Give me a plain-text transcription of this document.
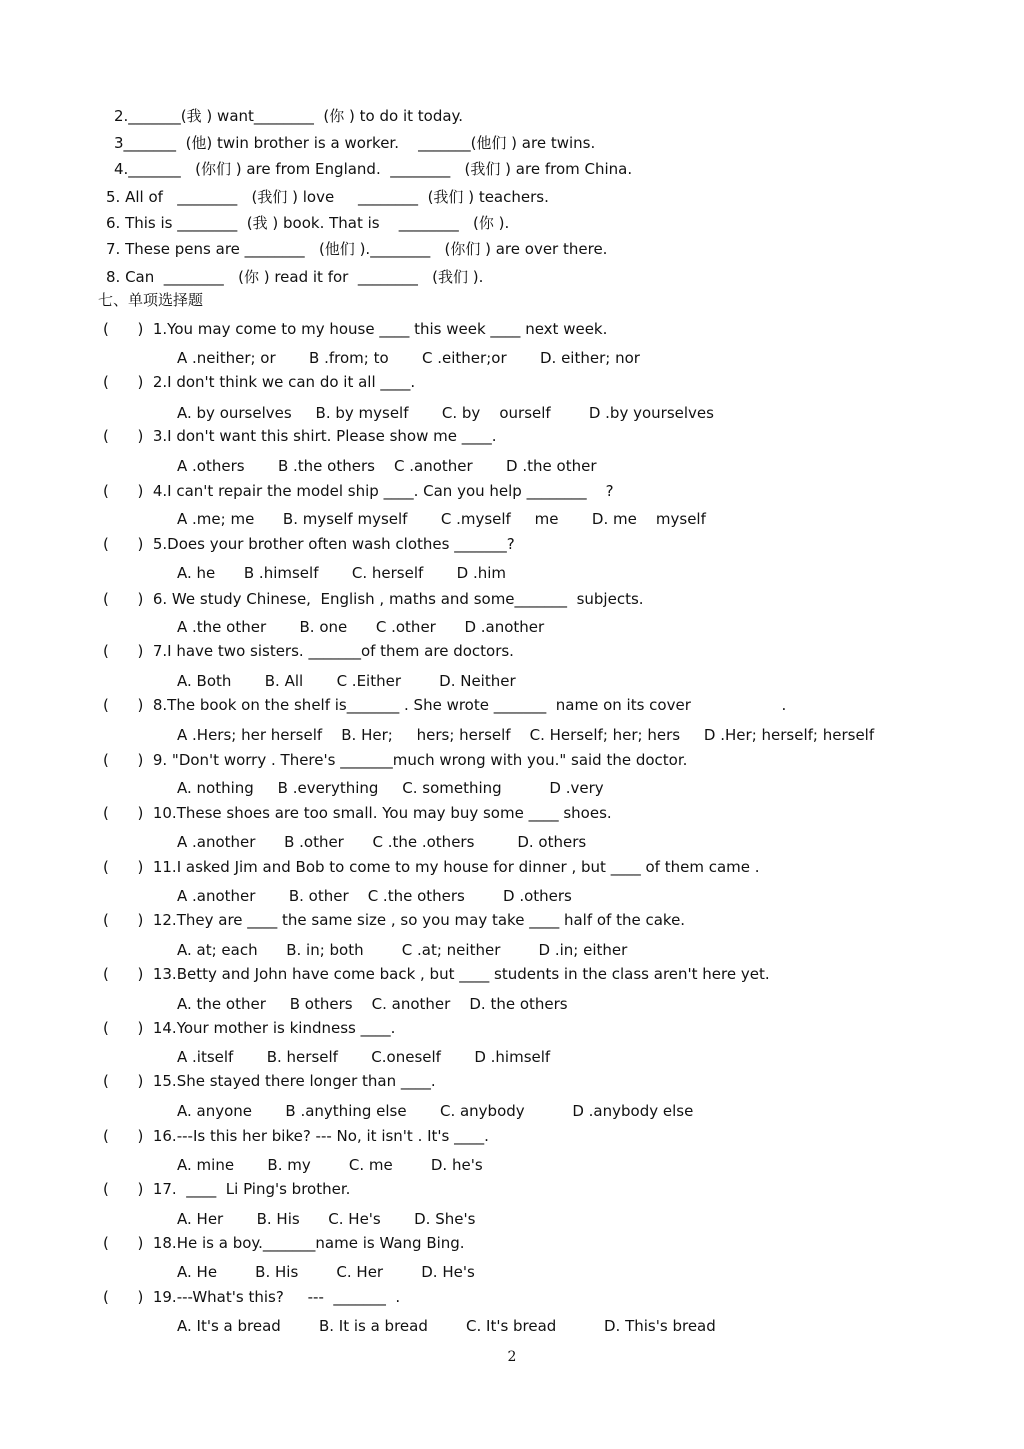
2._______(我 ) want________  (你 ) to do it today.
3_______  (他) twin brother is a worker.    _______(他们 ) are twins.
4._______   (你们 ) are from England.  ________   (我们 ) are from China.
5. All of   ________   (我们 ) love     ________  (我们 ) teachers.
6. This is ________  (我 ) book. That is    ________   (你 ).
7. These pens are ________   (他们 ).________   (你们 ) are over there.
8. Can  ________   (你 ) read it for  ________   (我们 ).
(      )  1.You may come to my house ____ this week ____ next week.
A .neither; or       B .from; to       C .either;or       D. either; nor
(      )  2.I don't think we can do it all ____.
A. by ourselves     B. by myself       C. by    ourself        D .by yourselves
(      )  3.I don't want this shirt. Please show me ____.
A .others       B .the others    C .another       D .the other
(      )  4.I can't repair the model ship ____. Can you help ________    ?
A .me; me      B. myself myself       C .myself     me       D. me    myself
(      )  5.Does your brother often wash clothes _______?
A. he      B .himself       C. herself       D .him
(      )  6. We study Chinese,  English , maths and some_______  subjects.
A .the other       B. one      C .other      D .another
(      )  7.I have two sisters. _______of them are doctors.
A. Both       B. All       C .Either        D. Neither
(      )  8.The book on the shelf is_______ . She wrote _______  name on its cover                   .
A .Hers; her herself    B. Her;     hers; herself    C. Herself; her; hers     D .Her; herself; herself
(      )  9. "Don't worry . There's _______much wrong with you." said the doctor.
A. nothing     B .everything     C. something          D .very
(      )  10.These shoes are too small. You may buy some ____ shoes.
A .another      B .other      C .the .others         D. others
(      )  11.I asked Jim and Bob to come to my house for dinner , but ____ of them came .
A .another       B. other    C .the others        D .others
(      )  12.They are ____ the same size , so you may take ____ half of the cake.
A. at; each      B. in; both        C .at; neither        D .in; either
(      )  13.Betty and John have come back , but ____ students in the class aren't here yet.
A. the other     B others    C. another    D. the others
(      )  14.Your mother is kindness ____.
A .itself       B. herself       C.oneself       D .himself
(      )  15.She stayed there longer than ____.
A. anyone       B .anything else       C. anybody          D .anybody else
(      )  16.---Is this her bike? --- No, it isn't . It's ____.
A. mine       B. my        C. me        D. he's
(      )  17.  ____  Li Ping's brother.
A. Her       B. His      C. He's       D. She's
(      )  18.He is a boy._______name is Wang Bing.
A. He        B. His        C. Her        D. He's
(      )  19.---What's this?     ---  _______  .
A. It's a bread        B. It is a bread        C. It's bread          D. This's bread
七、单项选择题
2
